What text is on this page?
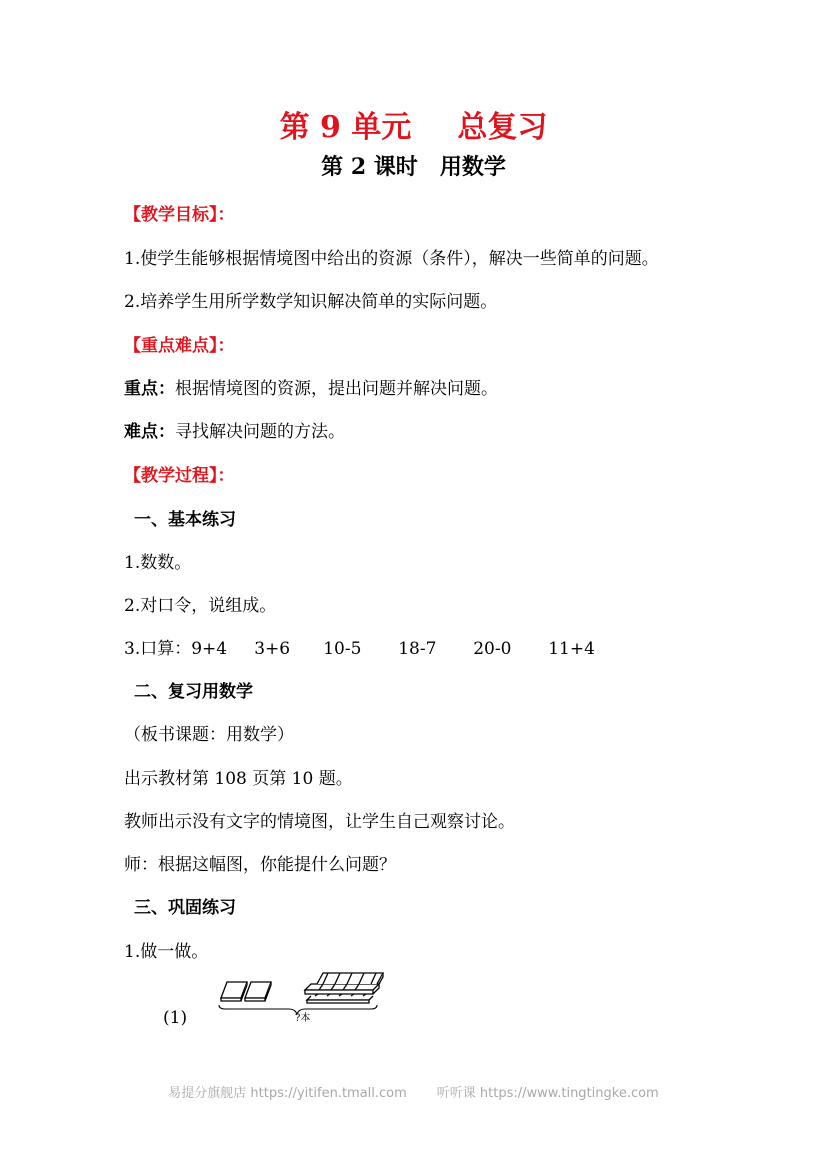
第 9 单元 总复习
第 2 课时 用数学
【教学目标】：
1.使学生能够根据情境图中给出的资源（条件），解决一些简单的问题。
2.培养学生用所学数学知识解决简单的实际问题。
【重点难点】：
重点：根据情境图的资源，提出问题并解决问题。
难点：寻找解决问题的方法。
【教学过程】：
一、基本练习
1.数数。
2.对口令，说组成。
3.口算：9+4 3+6 10-5 18-7 20-0 11+4
二、复习用数学
（板书课题：用数学）
出示教材第 108 页第 10 题。
教师出示没有文字的情境图，让学生自己观察讨论。
师：根据这幅图，你能提什么问题？
三、巩固练习
1.做一做。
(1)	?本
易提分旗舰店 https://yitifen.tmall.com 听听课 https://www.tingtingke.com
